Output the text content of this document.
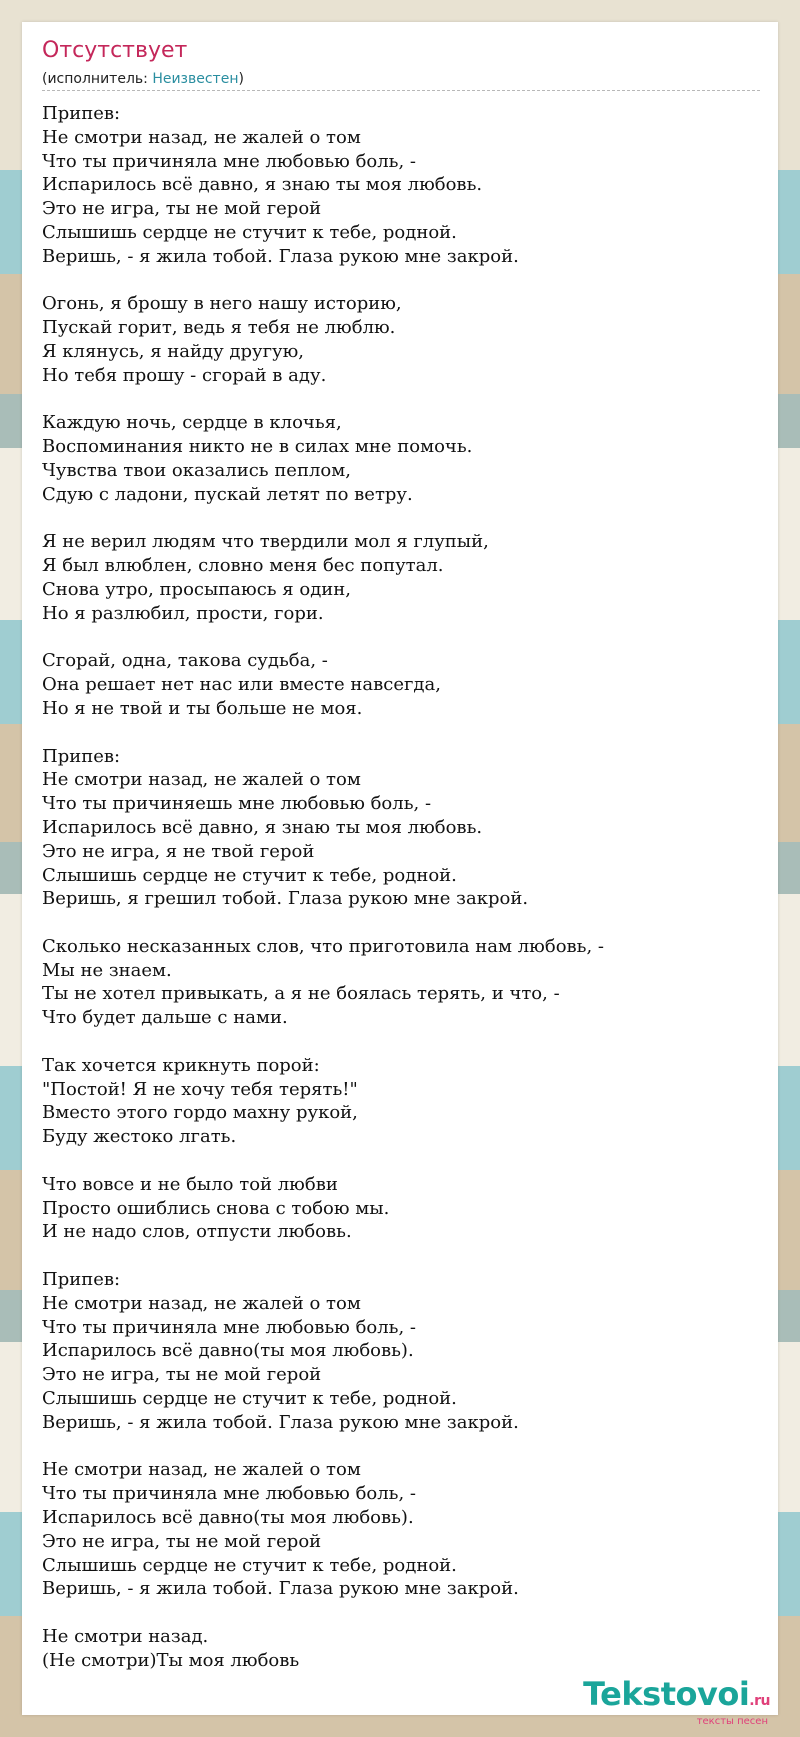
Отсутствует
(исполнитель: Неизвестен)
Припев:
Не смотри назад, не жалей о том
Что ты причиняла мне любовью боль, -
Испарилось всё давно, я знаю ты моя любовь.
Это не игра, ты не мой герой
Слышишь сердце не стучит к тебе, родной.
Веришь, - я жила тобой. Глаза рукою мне закрой.

Огонь, я брошу в него нашу историю,
Пускай горит, ведь я тебя не люблю.
Я клянусь, я найду другую,
Но тебя прошу - сгорай в аду.

Каждую ночь, сердце в клочья,
Воспоминания никто не в силах мне помочь.
Чувства твои оказались пеплом,
Сдую с ладони, пускай летят по ветру.

Я не верил людям что твердили мол я глупый,
Я был влюблен, словно меня бес попутал.
Снова утро, просыпаюсь я один,
Но я разлюбил, прости, гори.

Сгорай, одна, такова судьба, -
Она решает нет нас или вместе навсегда,
Но я не твой и ты больше не моя.

Припев:
Не смотри назад, не жалей о том
Что ты причиняешь мне любовью боль, -
Испарилось всё давно, я знаю ты моя любовь.
Это не игра, я не твой герой
Слышишь сердце не стучит к тебе, родной.
Веришь, я грешил тобой. Глаза рукою мне закрой.

Сколько несказанных слов, что приготовила нам любовь, -
Мы не знаем.
Ты не хотел привыкать, а я не боялась терять, и что, -
Что будет дальше с нами.

Так хочется крикнуть порой:
"Постой! Я не хочу тебя терять!"
Вместо этого гордо махну рукой,
Буду жестоко лгать.

Что вовсе и не было той любви
Просто ошиблись снова с тобою мы.
И не надо слов, отпусти любовь.

Припев:
Не смотри назад, не жалей о том
Что ты причиняла мне любовью боль, -
Испарилось всё давно(ты моя любовь).
Это не игра, ты не мой герой
Слышишь сердце не стучит к тебе, родной.
Веришь, - я жила тобой. Глаза рукою мне закрой.

Не смотри назад, не жалей о том
Что ты причиняла мне любовью боль, -
Испарилось всё давно(ты моя любовь).
Это не игра, ты не мой герой
Слышишь сердце не стучит к тебе, родной.
Веришь, - я жила тобой. Глаза рукою мне закрой.

Не смотри назад.
(Не смотри)Ты моя любовь
Tekstovoi.ru
тексты песен
